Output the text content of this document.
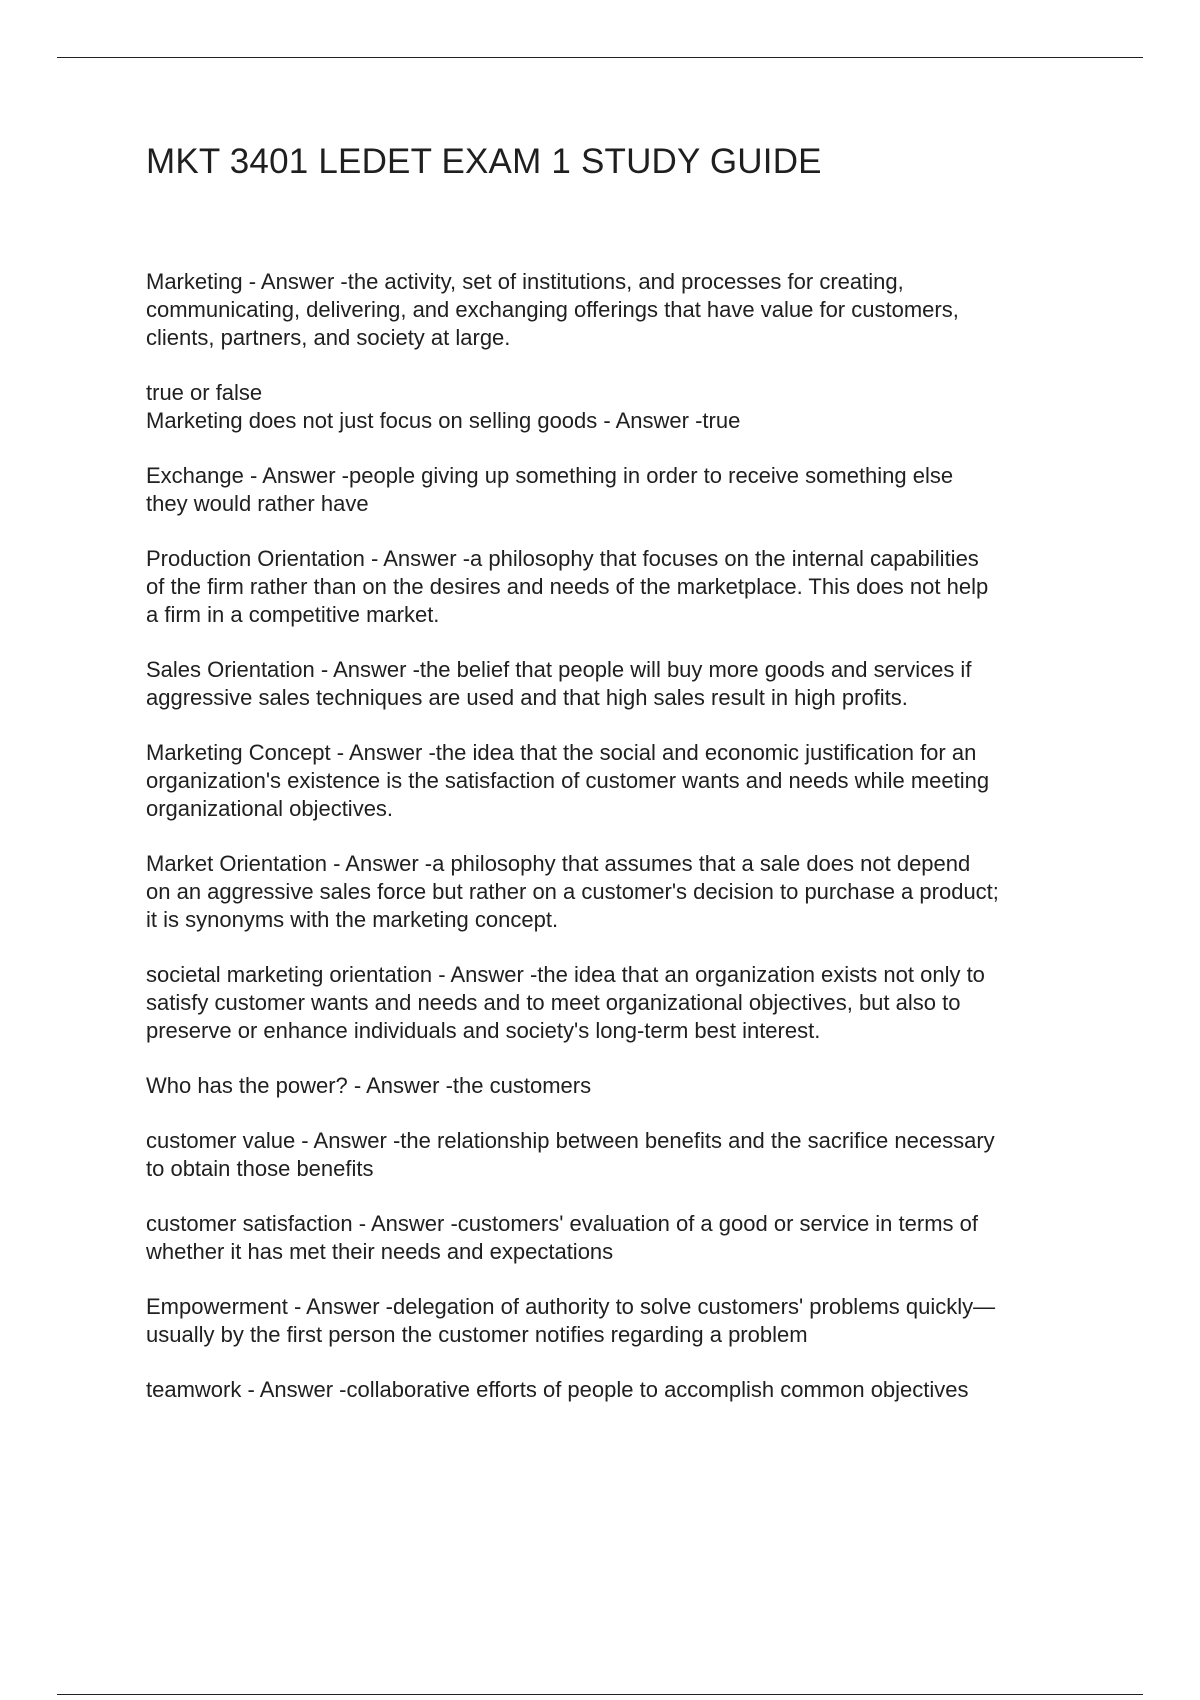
MKT 3401 LEDET EXAM 1 STUDY GUIDE

Marketing - Answer -the activity, set of institutions, and processes for creating,
communicating, delivering, and exchanging offerings that have value for customers,
clients, partners, and society at large.

true or false
Marketing does not just focus on selling goods - Answer -true

Exchange - Answer -people giving up something in order to receive something else
they would rather have

Production Orientation - Answer -a philosophy that focuses on the internal capabilities
of the firm rather than on the desires and needs of the marketplace. This does not help
a firm in a competitive market.

Sales Orientation - Answer -the belief that people will buy more goods and services if
aggressive sales techniques are used and that high sales result in high profits.

Marketing Concept - Answer -the idea that the social and economic justification for an
organization's existence is the satisfaction of customer wants and needs while meeting
organizational objectives.

Market Orientation - Answer -a philosophy that assumes that a sale does not depend
on an aggressive sales force but rather on a customer's decision to purchase a product;
it is synonyms with the marketing concept.

societal marketing orientation - Answer -the idea that an organization exists not only to
satisfy customer wants and needs and to meet organizational objectives, but also to
preserve or enhance individuals and society's long-term best interest.

Who has the power? - Answer -the customers

customer value - Answer -the relationship between benefits and the sacrifice necessary
to obtain those benefits

customer satisfaction - Answer -customers' evaluation of a good or service in terms of
whether it has met their needs and expectations

Empowerment - Answer -delegation of authority to solve customers' problems quickly—
usually by the first person the customer notifies regarding a problem

teamwork - Answer -collaborative efforts of people to accomplish common objectives
